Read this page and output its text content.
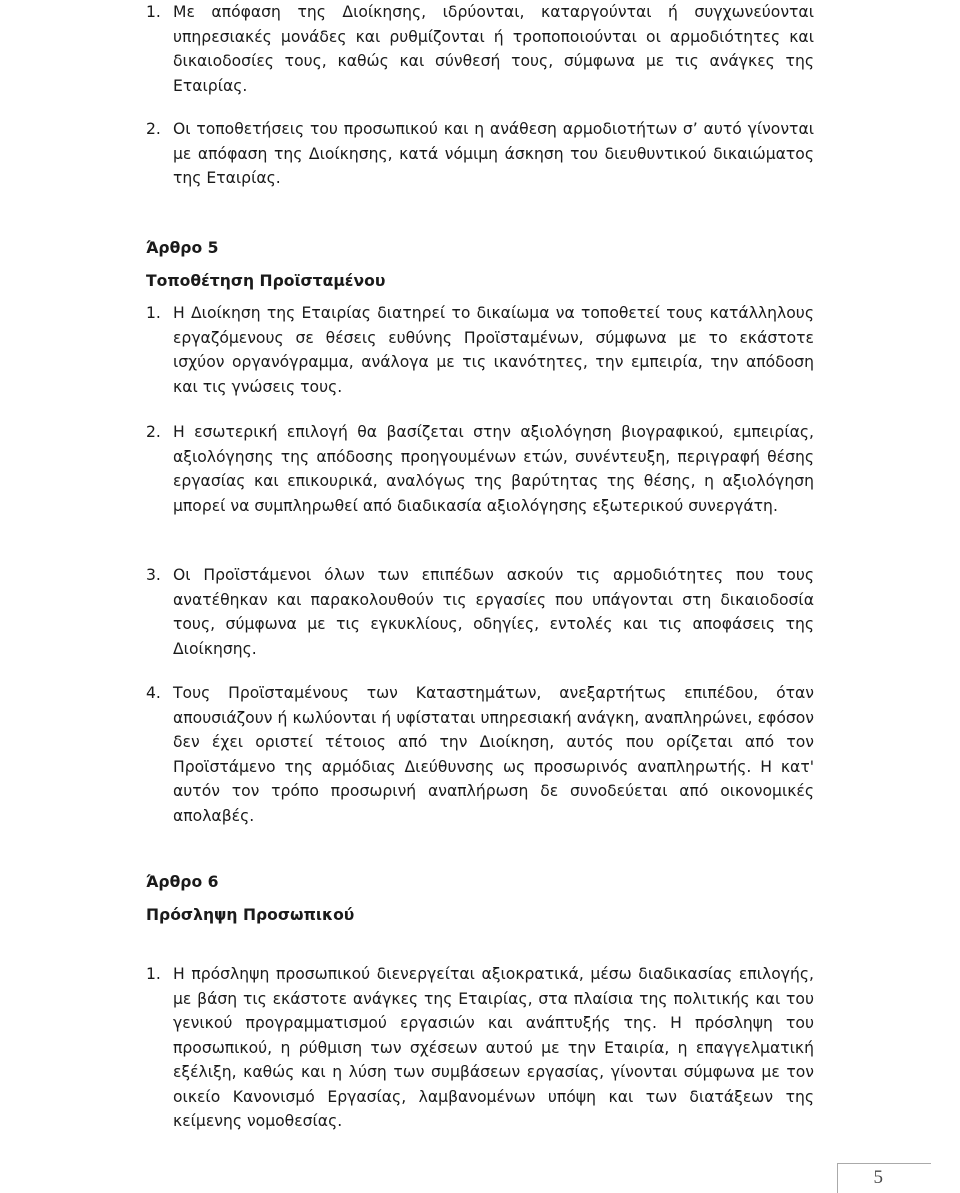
1. Με απόφαση της Διοίκησης, ιδρύονται, καταργούνται ή συγχωνεύονται υπηρεσιακές μονάδες και ρυθμίζονται ή τροποποιούνται οι αρμοδιότητες και δικαιοδοσίες τους, καθώς και σύνθεσή τους, σύμφωνα με τις ανάγκες της Εταιρίας.
2. Οι τοποθετήσεις του προσωπικού και η ανάθεση αρμοδιοτήτων σ’ αυτό γίνονται με απόφαση της Διοίκησης, κατά νόμιμη άσκηση του διευθυντικού δικαιώματος της Εταιρίας.
Άρθρο 5
Τοποθέτηση Προϊσταμένου
1. Η Διοίκηση της Εταιρίας διατηρεί το δικαίωμα να τοποθετεί τους κατάλληλους εργαζόμενους σε θέσεις ευθύνης Προϊσταμένων, σύμφωνα με το εκάστοτε ισχύον οργανόγραμμα, ανάλογα με τις ικανότητες, την εμπειρία, την απόδοση και τις γνώσεις τους.
2. Η εσωτερική επιλογή θα βασίζεται στην αξιολόγηση βιογραφικού, εμπειρίας, αξιολόγησης της απόδοσης προηγουμένων ετών, συνέντευξη, περιγραφή θέσης εργασίας και επικουρικά, αναλόγως της βαρύτητας της θέσης, η αξιολόγηση μπορεί να συμπληρωθεί από διαδικασία αξιολόγησης εξωτερικού συνεργάτη.
3. Οι Προϊστάμενοι όλων των επιπέδων ασκούν τις αρμοδιότητες που τους ανατέθηκαν και παρακολουθούν τις εργασίες που υπάγονται στη δικαιοδοσία τους, σύμφωνα με τις εγκυκλίους, οδηγίες, εντολές και τις αποφάσεις της Διοίκησης.
4. Τους Προϊσταμένους των Καταστημάτων, ανεξαρτήτως επιπέδου, όταν απουσιάζουν ή κωλύονται ή υφίσταται υπηρεσιακή ανάγκη, αναπληρώνει, εφόσον δεν έχει οριστεί τέτοιος από την Διοίκηση, αυτός που ορίζεται από τον Προϊστάμενο της αρμόδιας Διεύθυνσης ως προσωρινός αναπληρωτής. Η κατ' αυτόν τον τρόπο προσωρινή αναπλήρωση δε συνοδεύεται από οικονομικές απολαβές.
Άρθρο 6
Πρόσληψη Προσωπικού
1. Η πρόσληψη προσωπικού διενεργείται αξιοκρατικά, μέσω διαδικασίας επιλογής, με βάση τις εκάστοτε ανάγκες της Εταιρίας, στα πλαίσια της πολιτικής και του γενικού προγραμματισμού εργασιών και ανάπτυξής της. Η πρόσληψη του προσωπικού, η ρύθμιση των σχέσεων αυτού με την Εταιρία, η επαγγελματική εξέλιξη, καθώς και η λύση των συμβάσεων εργασίας, γίνονται σύμφωνα με τον οικείο Κανονισμό Εργασίας, λαμβανομένων υπόψη και των διατάξεων της κείμενης νομοθεσίας.
5
